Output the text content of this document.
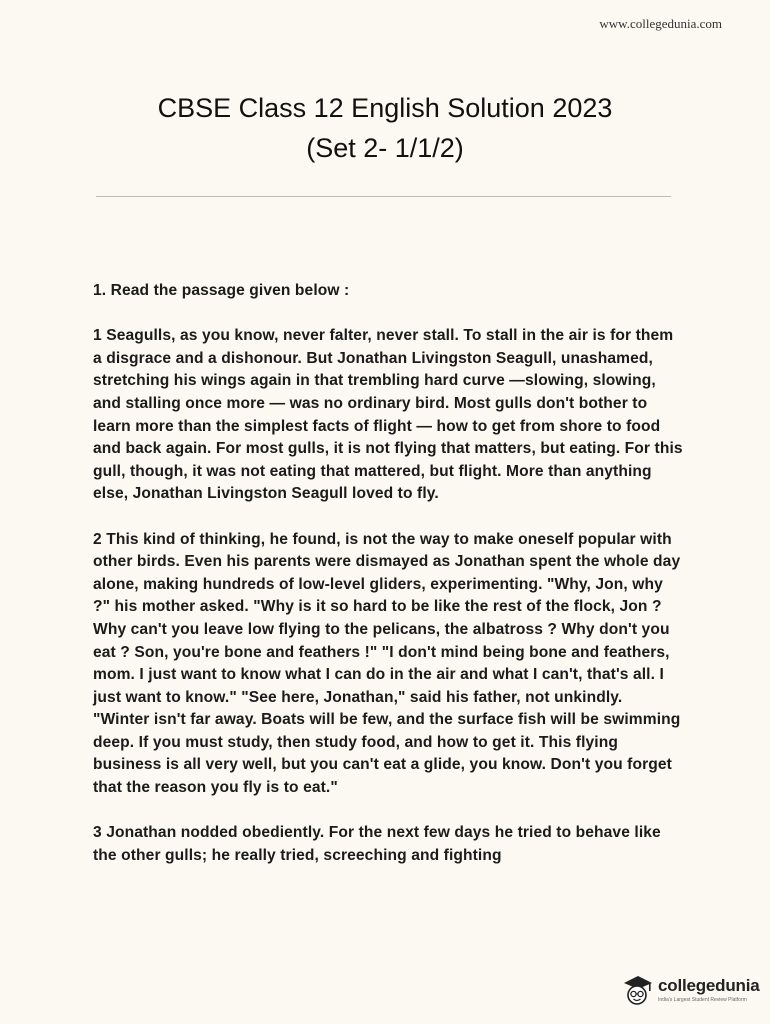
www.collegedunia.com

CBSE Class 12 English Solution 2023

(Set 2- 1/1/2)

1. Read the passage given below :

1 Seagulls, as you know, never falter, never stall. To stall in the air is for them a disgrace and a dishonour. But Jonathan Livingston Seagull, unashamed, stretching his wings again in that trembling hard curve —slowing, slowing, and stalling once more — was no ordinary bird. Most gulls don't bother to learn more than the simplest facts of flight — how to get from shore to food and back again. For most gulls, it is not flying that matters, but eating. For this gull, though, it was not eating that mattered, but flight. More than anything else, Jonathan Livingston Seagull loved to fly.

2 This kind of thinking, he found, is not the way to make oneself popular with other birds. Even his parents were dismayed as Jonathan spent the whole day alone, making hundreds of low-level gliders, experimenting. "Why, Jon, why ?" his mother asked. "Why is it so hard to be like the rest of the flock, Jon ? Why can't you leave low flying to the pelicans, the albatross ? Why don't you eat ? Son, you're bone and feathers !" "I don't mind being bone and feathers, mom. I just want to know what I can do in the air and what I can't, that's all. I just want to know." "See here, Jonathan," said his father, not unkindly. "Winter isn't far away. Boats will be few, and the surface fish will be swimming deep. If you must study, then study food, and how to get it. This flying business is all very well, but you can't eat a glide, you know. Don't you forget that the reason you fly is to eat."

3 Jonathan nodded obediently. For the next few days he tried to behave like the other gulls; he really tried, screeching and fighting

collegedunia
India's Largest Student Review Platform
